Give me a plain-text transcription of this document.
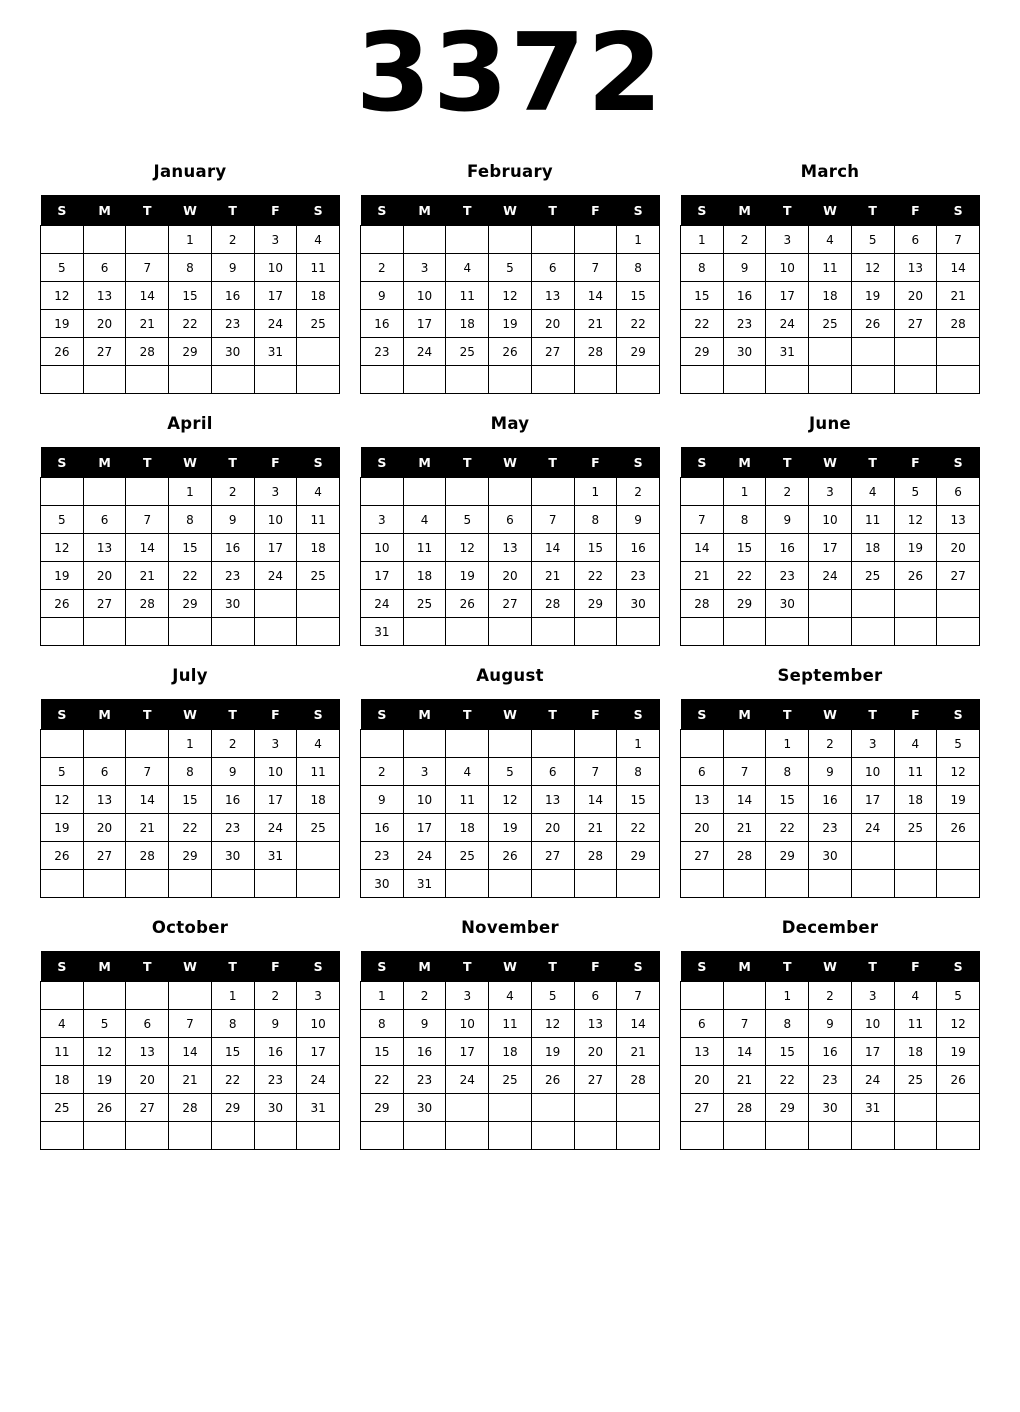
3372
January
S	M	T	W	T	F	S
			1	2	3	4
5	6	7	8	9	10	11
12	13	14	15	16	17	18
19	20	21	22	23	24	25
26	27	28	29	30	31	

February
S	M	T	W	T	F	S
						1
2	3	4	5	6	7	8
9	10	11	12	13	14	15
16	17	18	19	20	21	22
23	24	25	26	27	28	29

March
S	M	T	W	T	F	S
1	2	3	4	5	6	7
8	9	10	11	12	13	14
15	16	17	18	19	20	21
22	23	24	25	26	27	28
29	30	31				

April
S	M	T	W	T	F	S
			1	2	3	4
5	6	7	8	9	10	11
12	13	14	15	16	17	18
19	20	21	22	23	24	25
26	27	28	29	30		

May
S	M	T	W	T	F	S
					1	2
3	4	5	6	7	8	9
10	11	12	13	14	15	16
17	18	19	20	21	22	23
24	25	26	27	28	29	30
31						
June
S	M	T	W	T	F	S
	1	2	3	4	5	6
7	8	9	10	11	12	13
14	15	16	17	18	19	20
21	22	23	24	25	26	27
28	29	30				

July
S	M	T	W	T	F	S
			1	2	3	4
5	6	7	8	9	10	11
12	13	14	15	16	17	18
19	20	21	22	23	24	25
26	27	28	29	30	31	

August
S	M	T	W	T	F	S
						1
2	3	4	5	6	7	8
9	10	11	12	13	14	15
16	17	18	19	20	21	22
23	24	25	26	27	28	29
30	31					
September
S	M	T	W	T	F	S
		1	2	3	4	5
6	7	8	9	10	11	12
13	14	15	16	17	18	19
20	21	22	23	24	25	26
27	28	29	30			

October
S	M	T	W	T	F	S
				1	2	3
4	5	6	7	8	9	10
11	12	13	14	15	16	17
18	19	20	21	22	23	24
25	26	27	28	29	30	31

November
S	M	T	W	T	F	S
1	2	3	4	5	6	7
8	9	10	11	12	13	14
15	16	17	18	19	20	21
22	23	24	25	26	27	28
29	30					

December
S	M	T	W	T	F	S
		1	2	3	4	5
6	7	8	9	10	11	12
13	14	15	16	17	18	19
20	21	22	23	24	25	26
27	28	29	30	31		
